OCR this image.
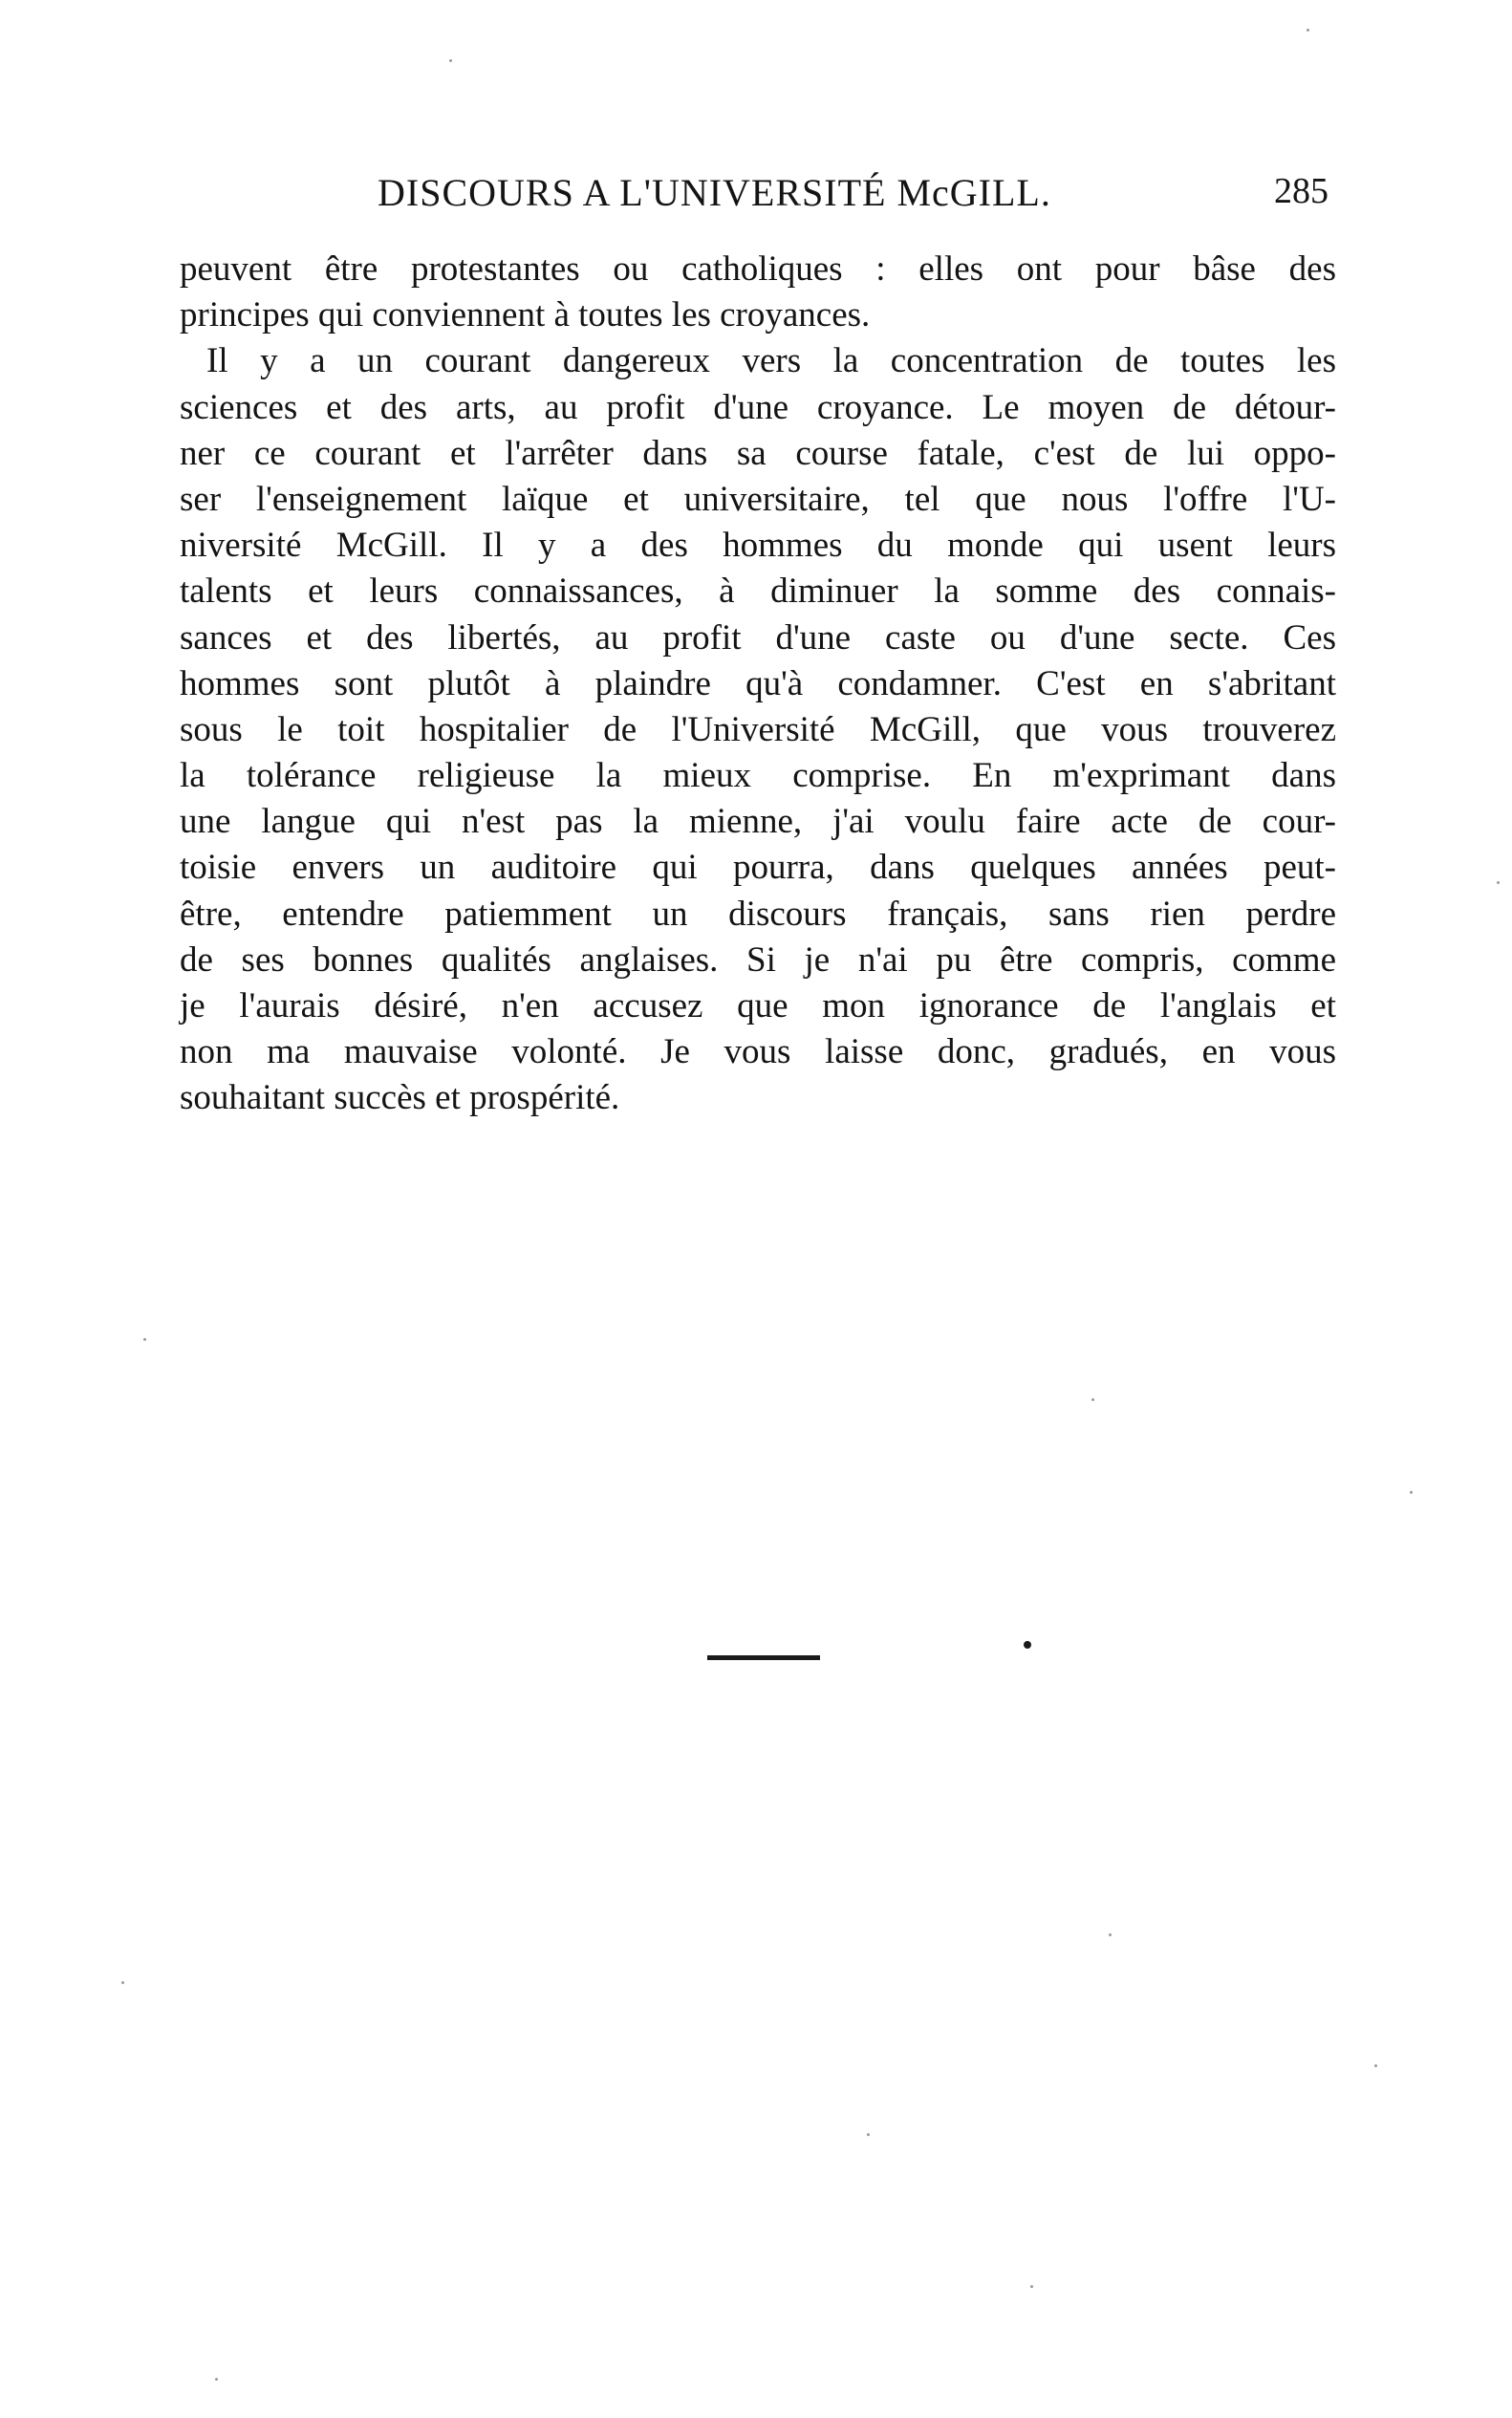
DISCOURS A L'UNIVERSITÉ McGILL.	285
peuvent être protestantes ou catholiques : elles ont pour bâse des
principes qui conviennent à toutes les croyances.
Il y a un courant dangereux vers la concentration de toutes les
sciences et des arts, au profit d'une croyance. Le moyen de détour-
ner ce courant et l'arrêter dans sa course fatale, c'est de lui oppo-
ser l'enseignement laïque et universitaire, tel que nous l'offre l'U-
niversité McGill. Il y a des hommes du monde qui usent leurs
talents et leurs connaissances, à diminuer la somme des connais-
sances et des libertés, au profit d'une caste ou d'une secte. Ces
hommes sont plutôt à plaindre qu'à condamner. C'est en s'abritant
sous le toit hospitalier de l'Université McGill, que vous trouverez
la tolérance religieuse la mieux comprise. En m'exprimant dans
une langue qui n'est pas la mienne, j'ai voulu faire acte de cour-
toisie envers un auditoire qui pourra, dans quelques années peut-
être, entendre patiemment un discours français, sans rien perdre
de ses bonnes qualités anglaises. Si je n'ai pu être compris, comme
je l'aurais désiré, n'en accusez que mon ignorance de l'anglais et
non ma mauvaise volonté. Je vous laisse donc, gradués, en vous
souhaitant succès et prospérité.
